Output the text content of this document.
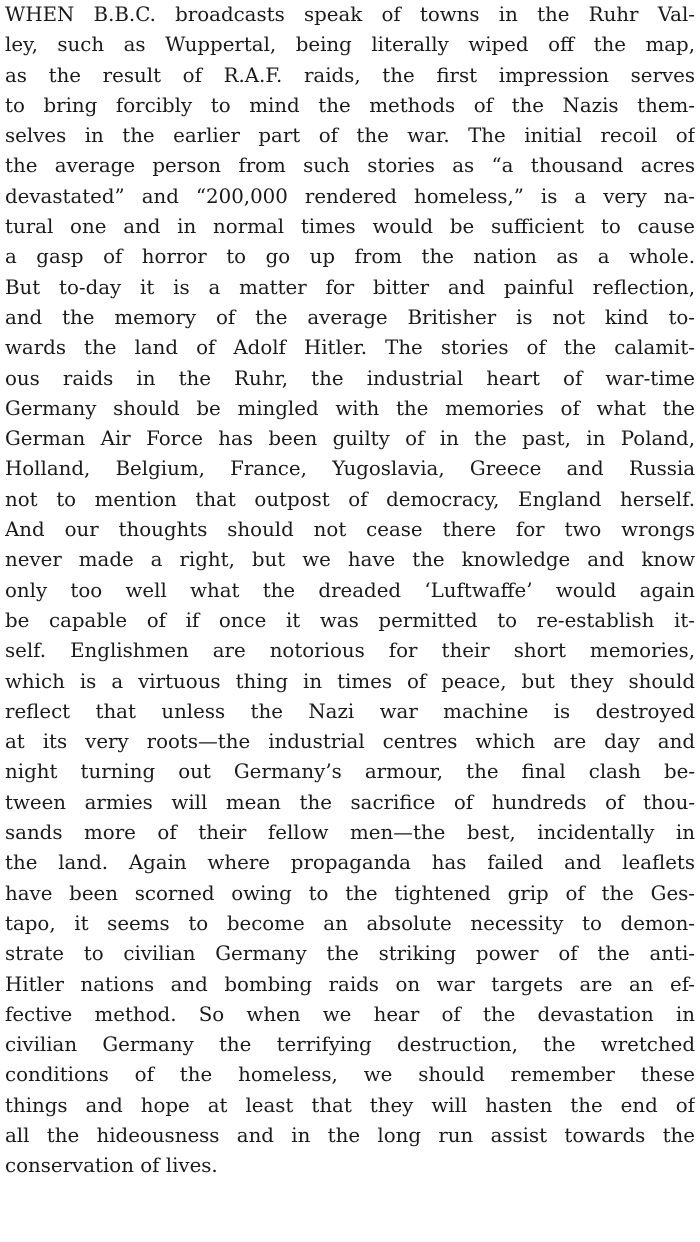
WHEN B.B.C. broadcasts speak of towns in the Ruhr Val-
ley, such as Wuppertal, being literally wiped off the map,
as the result of R.A.F. raids, the first impression serves
to bring forcibly to mind the methods of the Nazis them-
selves in the earlier part of the war. The initial recoil of
the average person from such stories as “a thousand acres
devastated” and “200,000 rendered homeless,” is a very na-
tural one and in normal times would be sufficient to cause
a gasp of horror to go up from the nation as a whole.
But to-day it is a matter for bitter and painful reflection,
and the memory of the average Britisher is not kind to-
wards the land of Adolf Hitler. The stories of the calamit-
ous raids in the Ruhr, the industrial heart of war-time
Germany should be mingled with the memories of what the
German Air Force has been guilty of in the past, in Poland,
Holland, Belgium, France, Yugoslavia, Greece and Russia
not to mention that outpost of democracy, England herself.
And our thoughts should not cease there for two wrongs
never made a right, but we have the knowledge and know
only too well what the dreaded ‘Luftwaffe’ would again
be capable of if once it was permitted to re-establish it-
self. Englishmen are notorious for their short memories,
which is a virtuous thing in times of peace, but they should
reflect that unless the Nazi war machine is destroyed
at its very roots—the industrial centres which are day and
night turning out Germany’s armour, the final clash be-
tween armies will mean the sacrifice of hundreds of thou-
sands more of their fellow men—the best, incidentally in
the land. Again where propaganda has failed and leaflets
have been scorned owing to the tightened grip of the Ges-
tapo, it seems to become an absolute necessity to demon-
strate to civilian Germany the striking power of the anti-
Hitler nations and bombing raids on war targets are an ef-
fective method. So when we hear of the devastation in
civilian Germany the terrifying destruction, the wretched
conditions of the homeless, we should remember these
things and hope at least that they will hasten the end of
all the hideousness and in the long run assist towards the
conservation of lives.
